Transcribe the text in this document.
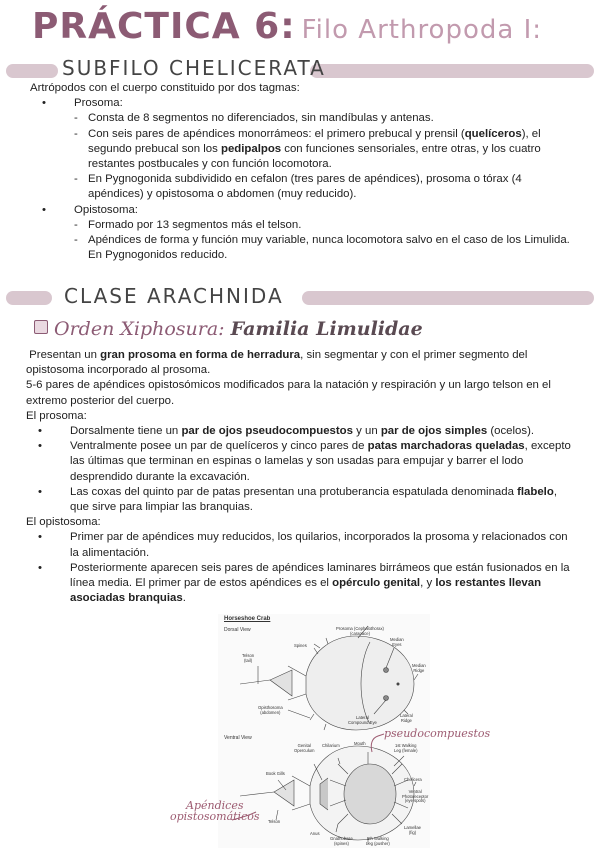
PRÁCTICA 6: Filo Arthropoda I:
SUBFILO CHELICERATA

Artrópodos con el cuerpo constituido por dos tagmas:

• Prosoma:
- Consta de 8 segmentos no diferenciados, sin mandíbulas y antenas.
- Con seis pares de apéndices monorrámeos: el primero prebucal y prensil (quelíceros), el segundo prebucal son los pedipalpos con funciones sensoriales, entre otras, y los cuatro restantes postbucales y con función locomotora.
- En Pygnogonida subdividido en cefalon (tres pares de apéndices), prosoma o tórax (4 apéndices) y opistosoma o abdomen (muy reducido).
• Opistosoma:
- Formado por 13 segmentos más el telson.
- Apéndices de forma y función muy variable, nunca locomotora salvo en el caso de los Limulida. En Pygnogonidos reducido.
CLASE ARACHNIDA
Orden Xiphosura: Familia Limulidae

Presentan un gran prosoma en forma de herradura, sin segmentar y con el primer segmento del opistosoma incorporado al prosoma.

5-6 pares de apéndices opistosómicos modificados para la natación y respiración y un largo telson en el extremo posterior del cuerpo.

El prosoma:

• Dorsalmente tiene un par de ojos pseudocompuestos y un par de ojos simples (ocelos).
• Ventralmente posee un par de quelíceros y cinco pares de patas marchadoras queladas, excepto las últimas que terminan en espinas o lamelas y son usadas para empujar y barrer el lodo desprendido durante la excavación.
• Las coxas del quinto par de patas presentan una protuberancia espatulada denominada flabelo, que sirve para limpiar las branquias.

El opistosoma:

• Primer par de apéndices muy reducidos, los quilarios, incorporados la prosoma y relacionados con la alimentación.
• Posteriormente aparecen seis pares de apéndices laminares birrámeos que están fusionados en la línea media. El primer par de estos apéndices es el opérculo genital, y los restantes llevan asociadas branquias.
Horseshoe Crab
Dorsal View
Ventral View
Prosoma (Cephalothorax)
(carapace)
Median
Eyes
Spines
Telson
(tail)
Median
Ridge
Opisthosoma
(abdomen)
Lateral
Compound Eye
Lateral
Ridge
Genital
Operculum
Chilarium	Mouth	1st Walking
Leg (female)
Book Gills
Chelicera
Ventral
Photoreceptor
(eye spots)
Telson
Anus
Lamellae
(fig)
Gnathobase
(spines)
5th Walking
Leg (pusher)
pseudocompuestos
Apéndices
opistosomáticos
